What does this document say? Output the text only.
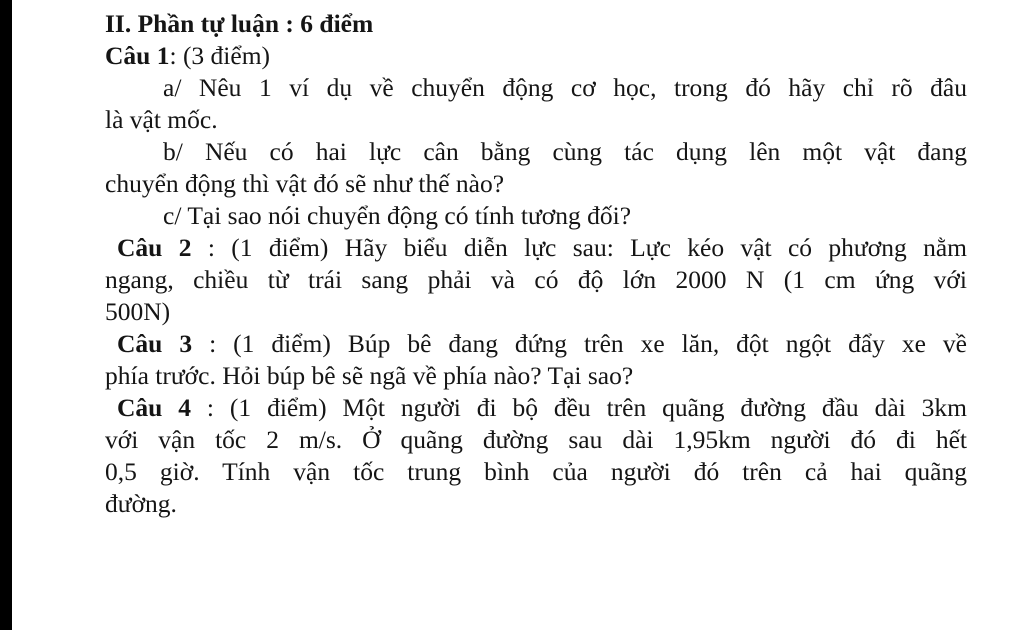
II. Phần tự luận : 6 điểm
Câu 1: (3 điểm)
a/ Nêu 1 ví dụ về chuyển động cơ học, trong đó hãy chỉ rõ đâu
là vật mốc.
b/ Nếu có hai lực cân bằng cùng tác dụng lên một vật đang
chuyển động thì vật đó sẽ như thế nào?
c/ Tại sao nói chuyển động có tính tương đối?
Câu 2 : (1 điểm) Hãy biểu diễn lực sau: Lực kéo vật có phương nằm
ngang, chiều từ trái sang phải và có độ lớn 2000 N (1 cm ứng với
500N)
Câu 3 : (1 điểm) Búp bê đang đứng trên xe lăn, đột ngột đẩy xe về
phía trước. Hỏi búp bê sẽ ngã về phía nào? Tại sao?
Câu 4 : (1 điểm) Một người đi bộ đều trên quãng đường đầu dài 3km
với vận tốc 2 m/s. Ở quãng đường sau dài 1,95km người đó đi hết
0,5 giờ. Tính vận tốc trung bình của người đó trên cả hai quãng
đường.
